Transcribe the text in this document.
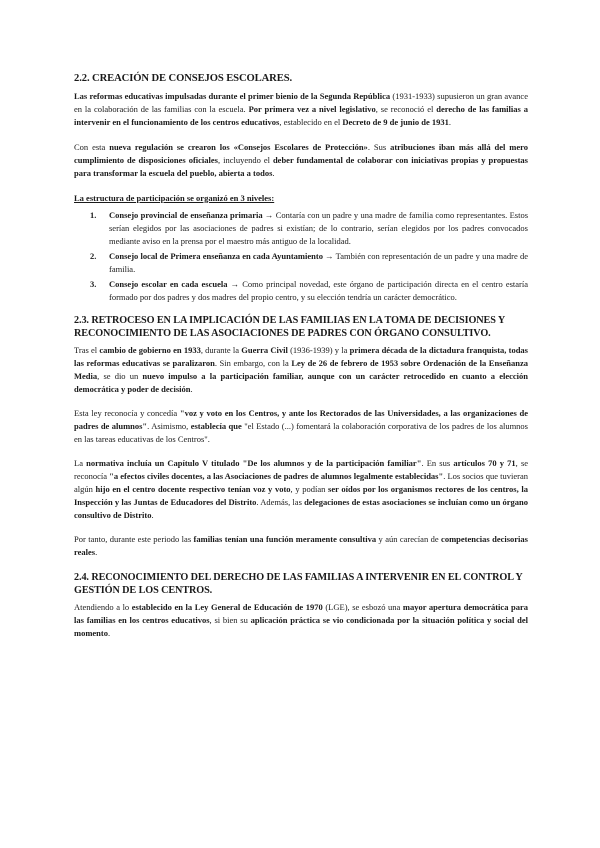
2.2. CREACIÓN DE CONSEJOS ESCOLARES.

Las reformas educativas impulsadas durante el primer bienio de la Segunda República (1931-1933) supusieron un gran avance en la colaboración de las familias con la escuela. Por primera vez a nivel legislativo, se reconoció el derecho de las familias a intervenir en el funcionamiento de los centros educativos, establecido en el Decreto de 9 de junio de 1931.

Con esta nueva regulación se crearon los «Consejos Escolares de Protección». Sus atribuciones iban más allá del mero cumplimiento de disposiciones oficiales, incluyendo el deber fundamental de colaborar con iniciativas propias y propuestas para transformar la escuela del pueblo, abierta a todos.

La estructura de participación se organizó en 3 niveles:
1. Consejo provincial de enseñanza primaria → Contaría con un padre y una madre de familia como representantes. Estos serían elegidos por las asociaciones de padres si existían; de lo contrario, serían elegidos por los padres convocados mediante aviso en la prensa por el maestro más antiguo de la localidad.
2. Consejo local de Primera enseñanza en cada Ayuntamiento → También con representación de un padre y una madre de familia.
3. Consejo escolar en cada escuela → Como principal novedad, este órgano de participación directa en el centro estaría formado por dos padres y dos madres del propio centro, y su elección tendría un carácter democrático.
2.3. RETROCESO EN LA IMPLICACIÓN DE LAS FAMILIAS EN LA TOMA DE DECISIONES Y RECONOCIMIENTO DE LAS ASOCIACIONES DE PADRES CON ÓRGANO CONSULTIVO.

Tras el cambio de gobierno en 1933, durante la Guerra Civil (1936-1939) y la primera década de la dictadura franquista, todas las reformas educativas se paralizaron. Sin embargo, con la Ley de 26 de febrero de 1953 sobre Ordenación de la Enseñanza Media, se dio un nuevo impulso a la participación familiar, aunque con un carácter retrocedido en cuanto a elección democrática y poder de decisión.

Esta ley reconocía y concedía "voz y voto en los Centros, y ante los Rectorados de las Universidades, a las organizaciones de padres de alumnos". Asimismo, establecía que "el Estado (...) fomentará la colaboración corporativa de los padres de los alumnos en las tareas educativas de los Centros".

La normativa incluía un Capítulo V titulado "De los alumnos y de la participación familiar". En sus artículos 70 y 71, se reconocía "a efectos civiles docentes, a las Asociaciones de padres de alumnos legalmente establecidas". Los socios que tuvieran algún hijo en el centro docente respectivo tenían voz y voto, y podían ser oídos por los organismos rectores de los centros, la Inspección y las Juntas de Educadores del Distrito. Además, las delegaciones de estas asociaciones se incluían como un órgano consultivo de Distrito.

Por tanto, durante este periodo las familias tenían una función meramente consultiva y aún carecían de competencias decisorias reales.

2.4. RECONOCIMIENTO DEL DERECHO DE LAS FAMILIAS A INTERVENIR EN EL CONTROL Y GESTIÓN DE LOS CENTROS.

Atendiendo a lo establecido en la Ley General de Educación de 1970 (LGE), se esbozó una mayor apertura democrática para las familias en los centros educativos, si bien su aplicación práctica se vio condicionada por la situación política y social del momento.
